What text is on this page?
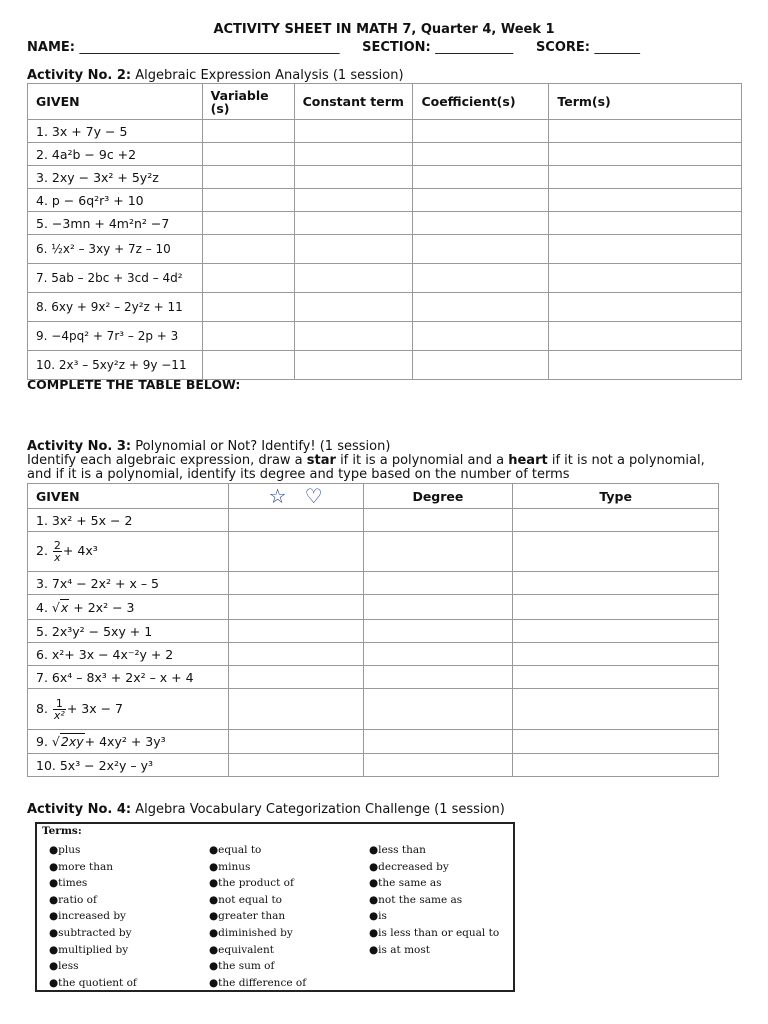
ACTIVITY SHEET IN MATH 7, Quarter 4, Week 1
NAME: ________________________________________ SECTION: ____________ SCORE: _______
Activity No. 2: Algebraic Expression Analysis (1 session)
GIVEN	Variable (s)	Constant term	Coefficient(s)	Term(s)
1. 3x + 7y − 5				
2. 4a²b − 9c +2				
3. 2xy − 3x² + 5y²z				
4. p − 6q²r³ + 10				
5. −3mn + 4m²n² −7				
6. ½x² – 3xy + 7z – 10				
7. 5ab – 2bc + 3cd – 4d²				
8. 6xy + 9x² – 2y²z + 11				
9. −4pq² + 7r³ – 2p + 3				
10. 2x³ – 5xy²z + 9y −11				
COMPLETE THE TABLE BELOW:
Activity No. 3: Polynomial or Not? Identify! (1 session)
Identify each algebraic expression, draw a star if it is a polynomial and a heart if it is not a polynomial, and if it is a polynomial, identify its degree and type based on the number of terms
GIVEN	☆ ♡	Degree	Type
1. 3x² + 5x − 2			
2. $\frac{2}{x} + 4x^3$			
3. 7x⁴ − 2x² + x – 5			
4. √x + 2x² − 3			
5. 2x³y² − 5xy + 1			
6. x²+ 3x − 4x⁻²y + 2			
7. 6x⁴ – 8x³ + 2x² – x + 4			
8. $\frac{1}{\text{x²}} + 3x - 7$			
9. √2xy+ 4xy² + 3y³			
10. 5x³ − 2x²y – y³			
Activity No. 4: Algebra Vocabulary Categorization Challenge (1 session)
Terms:
●plus
●more than
●times
●ratio of
●increased by
●subtracted by
●multiplied by
●less
●the quotient of
●equal to
●minus
●the product of
●not equal to
●greater than
●diminished by
●equivalent
●the sum of
●the difference of
●less than
●decreased by
●the same as
●not the same as
●is
●is less than or equal to
●is at most
